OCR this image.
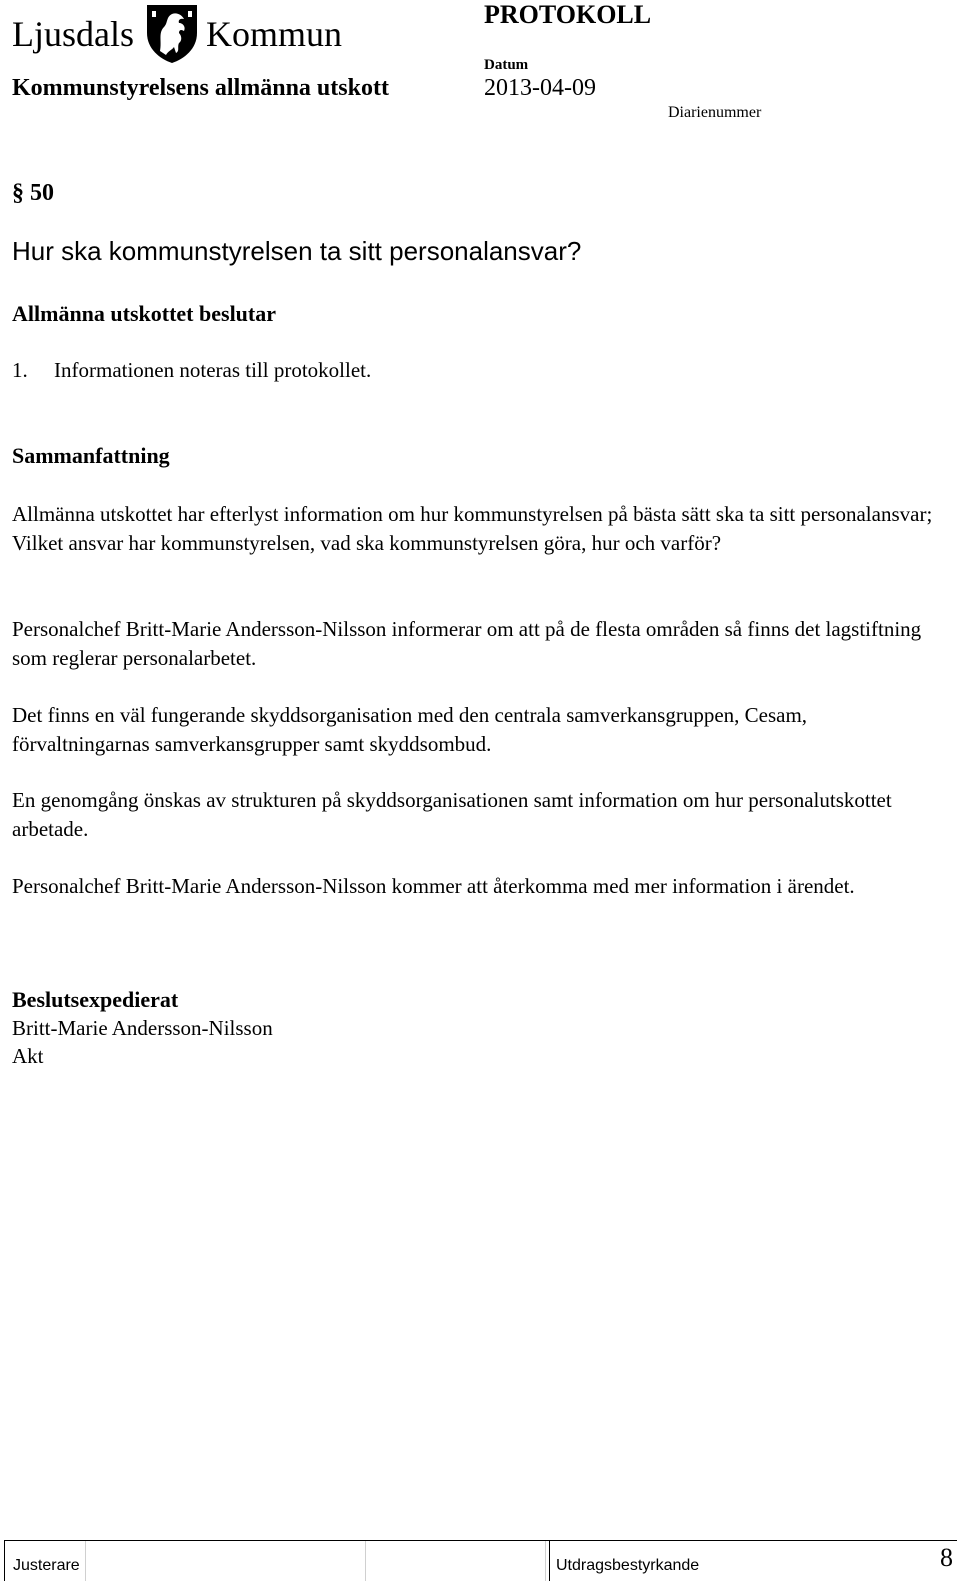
Ljusdals Kommun	PROTOKOLL
Kommunstyrelsens allmänna utskott
Datum
2013-04-09
Diarienummer
§ 50
Hur ska kommunstyrelsen ta sitt personalansvar?
Allmänna utskottet beslutar
1. Informationen noteras till protokollet.
Sammanfattning

Allmänna utskottet har efterlyst information om hur kommunstyrelsen på bästa sätt ska ta sitt personalansvar; Vilket ansvar har kommunstyrelsen, vad ska kommunstyrelsen göra, hur och varför?

Personalchef Britt-Marie Andersson-Nilsson informerar om att på de flesta områden så finns det lagstiftning som reglerar personalarbetet.

Det finns en väl fungerande skyddsorganisation med den centrala samverkansgruppen, Cesam, förvaltningarnas samverkansgrupper samt skyddsombud.

En genomgång önskas av strukturen på skyddsorganisationen samt information om hur personalutskottet arbetade.

Personalchef Britt-Marie Andersson-Nilsson kommer att återkomma med mer information i ärendet.

Beslutsexpedierat
Britt-Marie Andersson-Nilsson
Akt
Justerare	Utdragsbestyrkande	8
